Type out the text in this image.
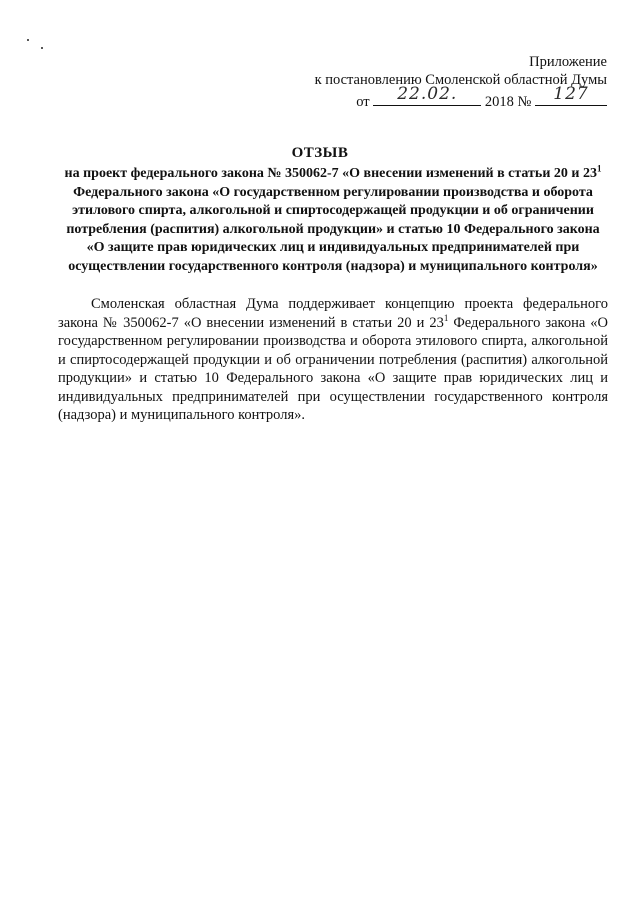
Приложение
к постановлению Смоленской областной Думы
от	22.02.	2018 №	127
ОТЗЫВ
на проект федерального закона № 350062-7 «О внесении изменений в статьи 20 и $23^1$ Федерального закона «О государственном регулировании производства и оборота этилового спирта, алкогольной и спиртосодержащей продукции и об ограничении потребления (распития) алкогольной продукции» и статью 10 Федерального закона «О защите прав юридических лиц и индивидуальных предпринимателей при осуществлении государственного контроля (надзора) и муниципального контроля»
Смоленская областная Дума поддерживает концепцию проекта федерального закона № 350062-7 «О внесении изменений в статьи 20 и $23^1$ Федерального закона «О государственном регулировании производства и оборота этилового спирта, алкогольной и спиртосодержащей продукции и об ограничении потребления (распития) алкогольной продукции» и статью 10 Федерального закона «О защите прав юридических лиц и индивидуальных предпринимателей при осуществлении государственного контроля (надзора) и муниципального контроля».
